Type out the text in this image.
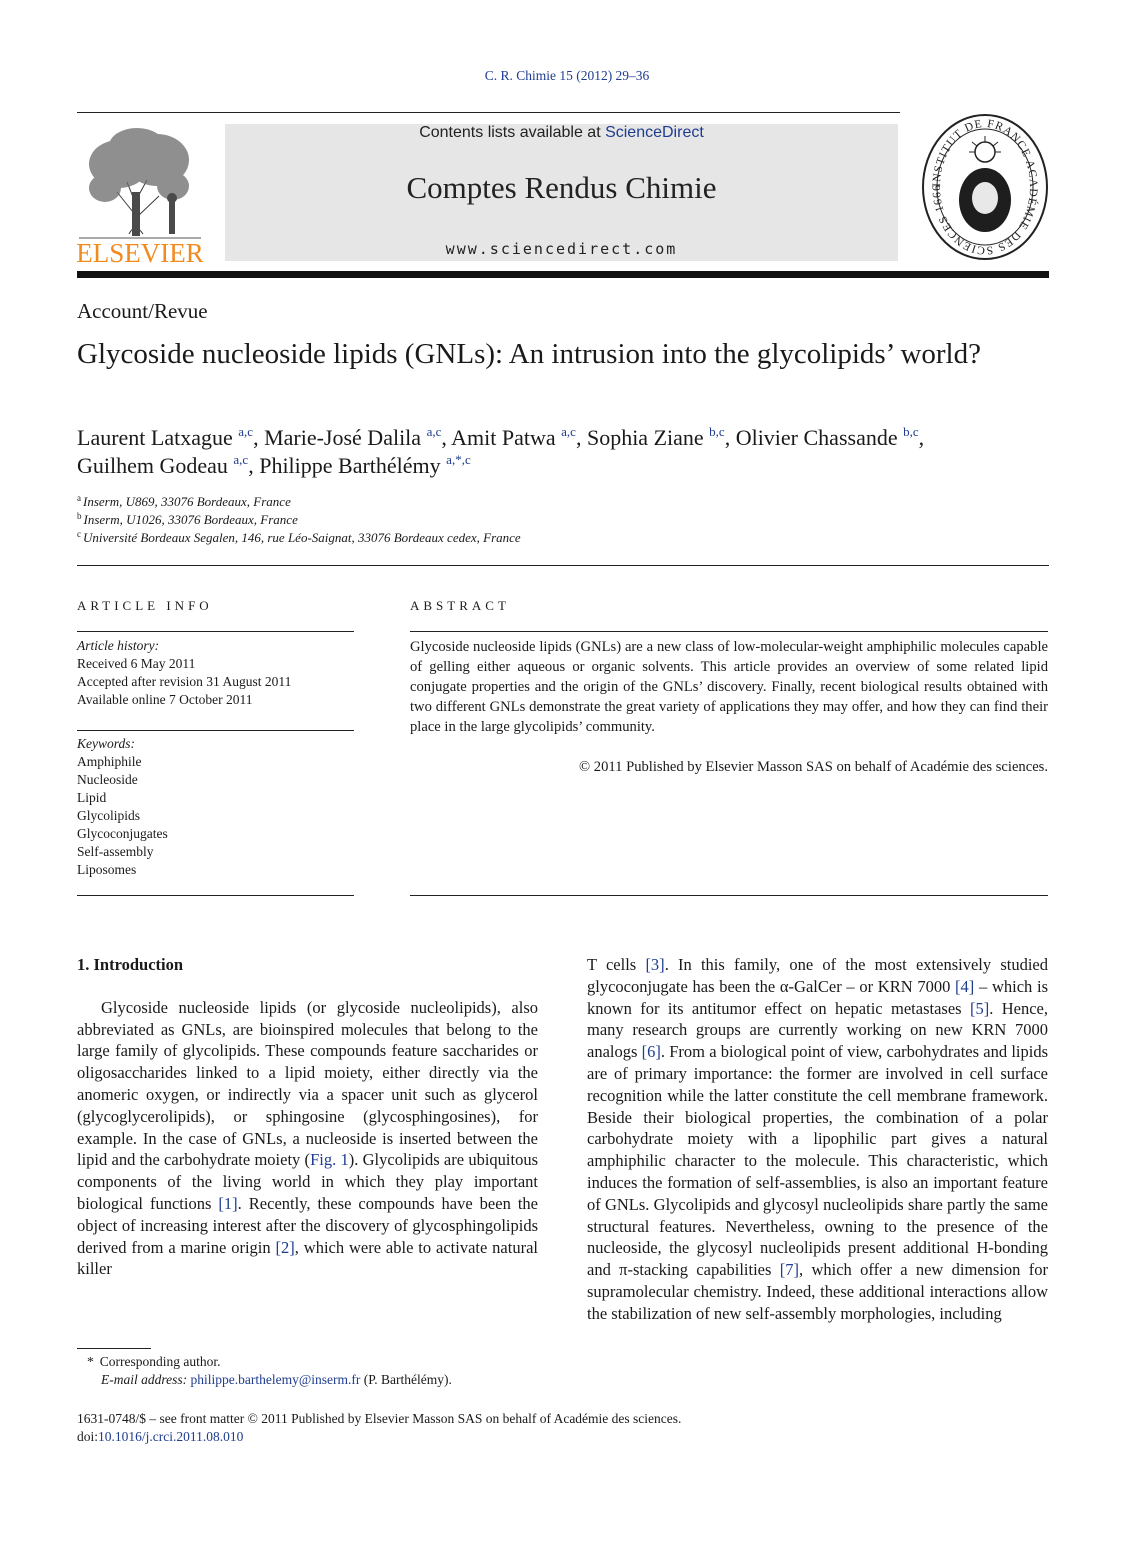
C. R. Chimie 15 (2012) 29–36
ELSEVIER
Contents lists available at ScienceDirect
Comptes Rendus Chimie
www.sciencedirect.com
INSTITUT DE FRANCE ACADÉMIE DES SCIENCES 1666
Account/Revue
Glycoside nucleoside lipids (GNLs): An intrusion into the glycolipids’ world?
Laurent Latxague $^{a,c}$, Marie-José Dalila $^{a,c}$, Amit Patwa $^{a,c}$, Sophia Ziane $^{b,c}$, Olivier Chassande $^{b,c}$,
Guilhem Godeau $^{a,c}$, Philippe Barthélémy $^{a,*,c}$
$^a$ Inserm, U869, 33076 Bordeaux, France
$^b$ Inserm, U1026, 33076 Bordeaux, France
$^c$ Université Bordeaux Segalen, 146, rue Léo-Saignat, 33076 Bordeaux cedex, France
ARTICLE INFO
Article history:
Received 6 May 2011
Accepted after revision 31 August 2011
Available online 7 October 2011
Keywords:
Amphiphile
Nucleoside
Lipid
Glycolipids
Glycoconjugates
Self-assembly
Liposomes
ABSTRACT
Glycoside nucleoside lipids (GNLs) are a new class of low-molecular-weight amphiphilic molecules capable of gelling either aqueous or organic solvents. This article provides an overview of some related lipid conjugate properties and the origin of the GNLs’ discovery. Finally, recent biological results obtained with two different GNLs demonstrate the great variety of applications they may offer, and how they can find their place in the large glycolipids’ community.
© 2011 Published by Elsevier Masson SAS on behalf of Académie des sciences.
1. Introduction

Glycoside nucleoside lipids (or glycoside nucleolipids), also abbreviated as GNLs, are bioinspired molecules that belong to the large family of glycolipids. These compounds feature saccharides or oligosaccharides linked to a lipid moiety, either directly via the anomeric oxygen, or indirectly via a spacer unit such as glycerol (glycoglycerolipids), or sphingosine (glycosphingosines), for example. In the case of GNLs, a nucleoside is inserted between the lipid and the carbohydrate moiety (Fig. 1). Glycolipids are ubiquitous components of the living world in which they play important biological functions [1]. Recently, these compounds have been the object of increasing interest after the discovery of glycosphingolipids derived from a marine origin [2], which were able to activate natural killer

T cells [3]. In this family, one of the most extensively studied glycoconjugate has been the α-GalCer – or KRN 7000 [4] – which is known for its antitumor effect on hepatic metastases [5]. Hence, many research groups are currently working on new KRN 7000 analogs [6]. From a biological point of view, carbohydrates and lipids are of primary importance: the former are involved in cell surface recognition while the latter constitute the cell membrane framework. Beside their biological properties, the combination of a polar carbohydrate moiety with a lipophilic part gives a natural amphiphilic character to the molecule. This characteristic, which induces the formation of self-assemblies, is also an important feature of GNLs. Glycolipids and glycosyl nucleolipids share partly the same structural features. Nevertheless, owning to the presence of the nucleoside, the glycosyl nucleolipids present additional H-bonding and π-stacking capabilities [7], which offer a new dimension for supramolecular chemistry. Indeed, these additional interactions allow the stabilization of new self-assembly morphologies, including

* Corresponding author.
E-mail address: philippe.barthelemy@inserm.fr (P. Barthélémy).
1631-0748/$ – see front matter © 2011 Published by Elsevier Masson SAS on behalf of Académie des sciences.
doi:10.1016/j.crci.2011.08.010
